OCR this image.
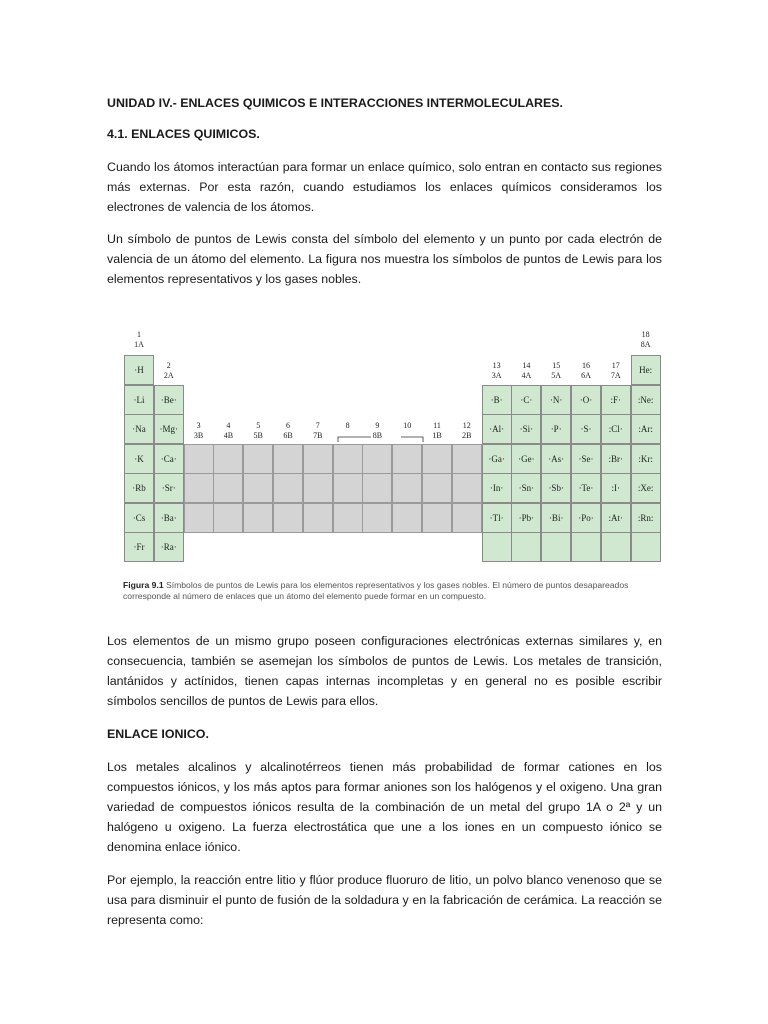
UNIDAD IV.- ENLACES QUIMICOS E INTERACCIONES INTERMOLECULARES.
4.1. ENLACES QUIMICOS.
Cuando los átomos interactúan para formar un enlace químico, solo entran en contacto sus regiones más externas. Por esta razón, cuando estudiamos los enlaces químicos consideramos los electrones de valencia de los átomos.
Un símbolo de puntos de Lewis consta del símbolo del elemento y un punto por cada electrón de valencia de un átomo del elemento. La figura nos muestra los símbolos de puntos de Lewis para los elementos representativos y los gases nobles.
1
1A
18
8A
2
2A
13
3A
14
4A
15
5A
16
6A
17
7A
3
3B
4
4B
5
5B
6
6B
7
7B
8
	9
8B
10
	11
1B
12
2B
·H
·Li
·Na
·K
·Rb
·Cs
·Fr
·Be·
·Mg·
·Ca·
·Sr·
·Ba·
·Ra·
·B·
·Al·
·Ga·
·In·
·Tl·
·C·
·Si·
·Ge·
·Sn·
·Pb·
·N·
·P·
·As·
·Sb·
·Bi·
·O·
·S·
·Se·
·Te·
·Po·
:F·
:Cl·
:Br·
:I·
:At·
He:
:Ne:
:Ar:
:Kr:
:Xe:
:Rn:
Figura 9.1 Símbolos de puntos de Lewis para los elementos representativos y los gases nobles. El número de puntos desapareados corresponde al número de enlaces que un átomo del elemento puede formar en un compuesto.
Los elementos de un mismo grupo poseen configuraciones electrónicas externas similares y, en consecuencia, también se asemejan los símbolos de puntos de Lewis. Los metales de transición, lantánidos y actínidos, tienen capas internas incompletas y en general no es posible escribir símbolos sencillos de puntos de Lewis para ellos.
ENLACE IONICO.
Los metales alcalinos y alcalinotérreos tienen más probabilidad de formar cationes en los compuestos iónicos, y los más aptos para formar aniones son los halógenos y el oxigeno. Una gran variedad de compuestos iónicos resulta de la combinación de un metal del grupo 1A o 2ª y un halógeno u oxigeno. La fuerza electrostática que une a los iones en un compuesto iónico se denomina enlace iónico.
Por ejemplo, la reacción entre litio y flúor produce fluoruro de litio, un polvo blanco venenoso que se usa para disminuir el punto de fusión de la soldadura y en la fabricación de cerámica. La reacción se representa como:
